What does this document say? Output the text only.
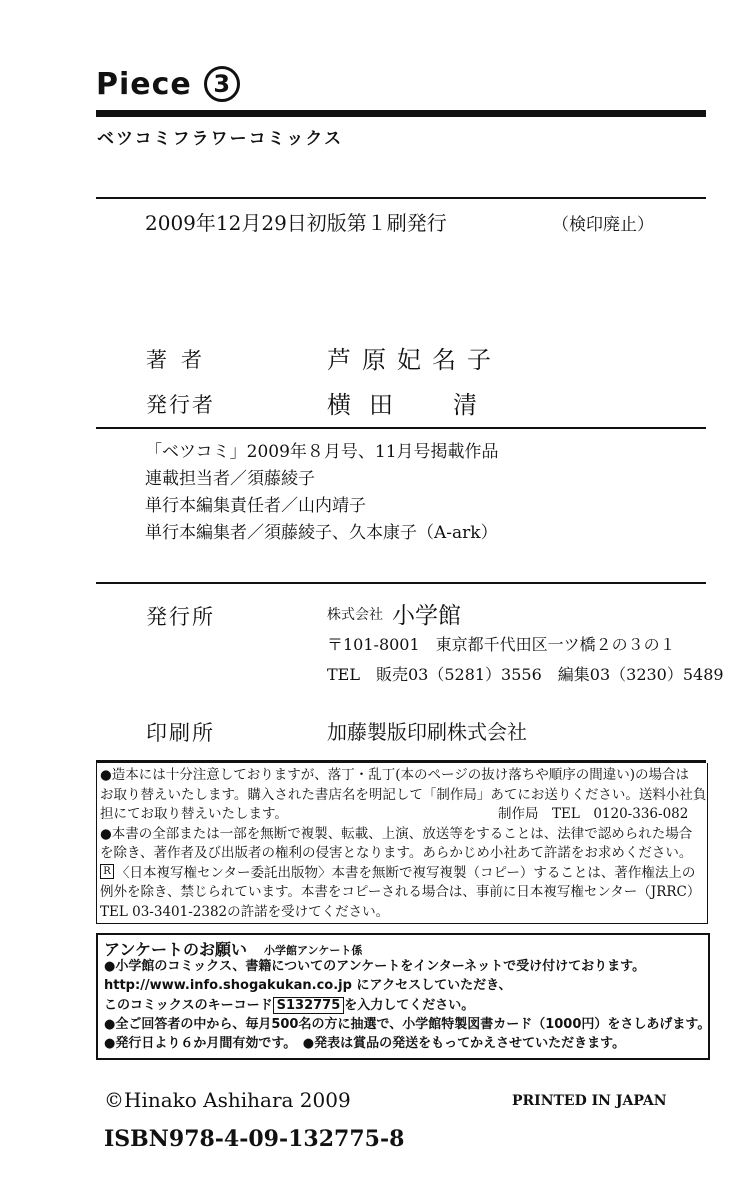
Piece 3
ベツコミフラワーコミックス
2009年12月29日初版第１刷発行	（検印廃止）
著者	芦原妃名子
発行者	横田　清
「ベツコミ」2009年８月号、11月号掲載作品
連載担当者／須藤綾子
単行本編集責任者／山内靖子
単行本編集者／須藤綾子、久本康子（A-ark）
発行所	株式会社 小学館
〒101-8001　東京都千代田区一ツ橋２の３の１
TEL　販売03（5281）3556　編集03（3230）5489
印刷所	加藤製版印刷株式会社
●造本には十分注意しておりますが、落丁・乱丁(本のページの抜け落ちや順序の間違い)の場合は
お取り替えいたします。購入された書店名を明記して「制作局」あてにお送りください。送料小社負
担にてお取り替えいたします。	制作局　TEL　0120-336-082
●本書の全部または一部を無断で複製、転載、上演、放送等をすることは、法律で認められた場合
を除き、著作者及び出版者の権利の侵害となります。あらかじめ小社あて許諾をお求めください。
R 〈日本複写権センター委託出版物〉本書を無断で複写複製（コピー）することは、著作権法上の
例外を除き、禁じられています。本書をコピーされる場合は、事前に日本複写権センター（JRRC）
TEL 03-3401-2382の許諾を受けてください。
アンケートのお願い 小学館アンケート係
●小学館のコミックス、書籍についてのアンケートをインターネットで受け付けております。
http://www.info.shogakukan.co.jp にアクセスしていただき、
このコミックスのキーコード S132775 を入力してください。
●全ご回答者の中から、毎月500名の方に抽選で、小学館特製図書カード（1000円）をさしあげます。
●発行日より６か月間有効です。　●発表は賞品の発送をもってかえさせていただきます。
©Hinako Ashihara 2009	PRINTED IN JAPAN
ISBN978-4-09-132775-8
